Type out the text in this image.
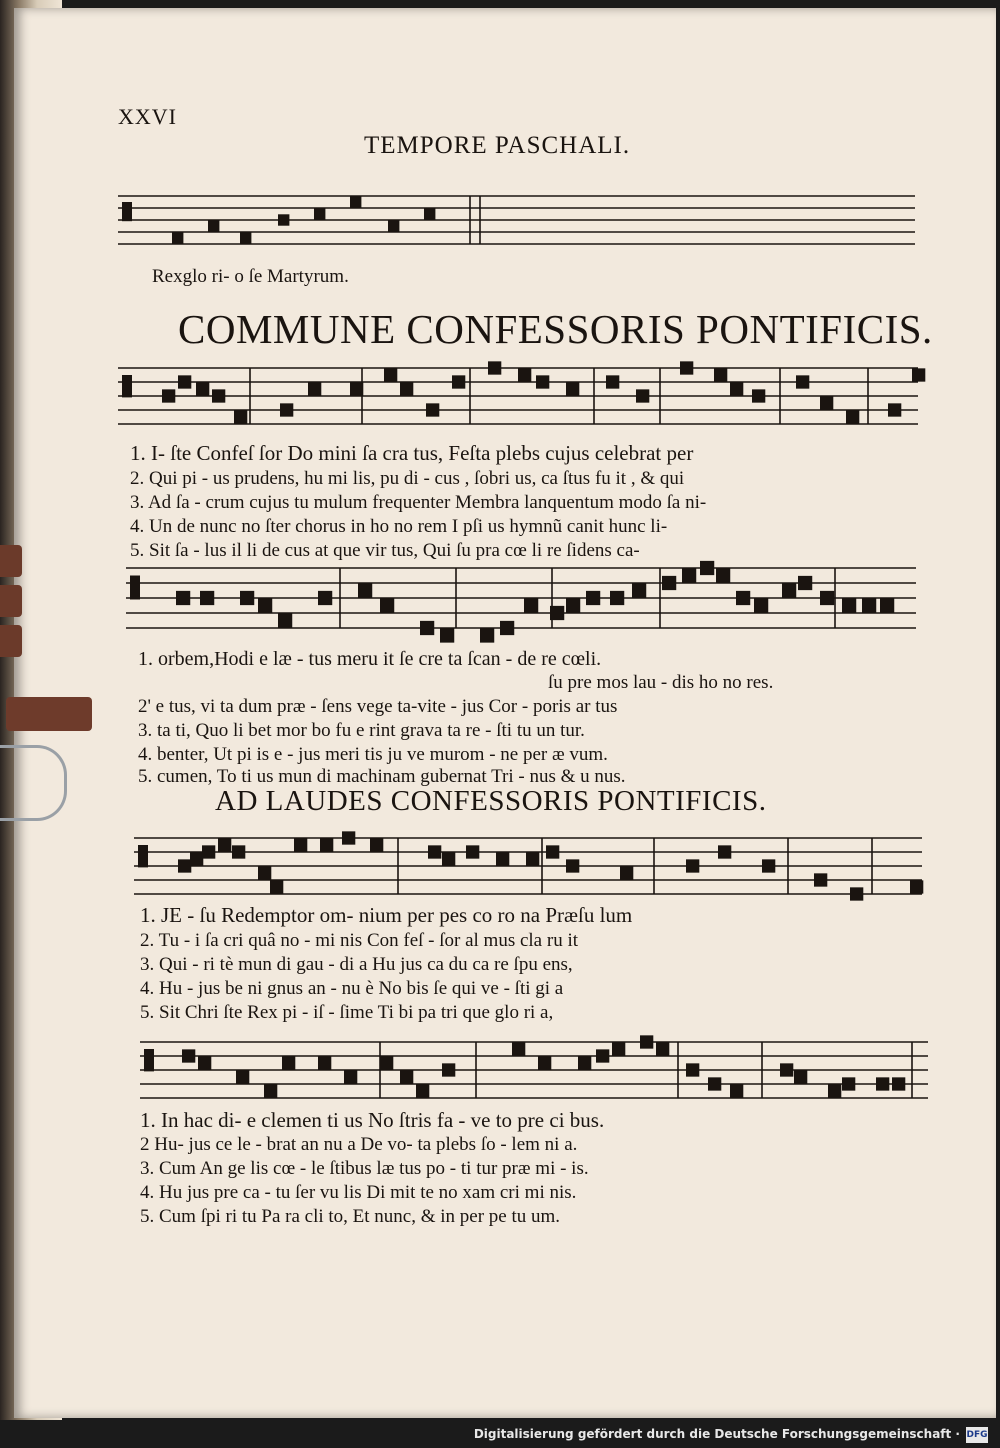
XXVI
TEMPORE PASCHALI.
Rexglo ri- o ſe Martyrum.
COMMUNE CONFESSORIS PONTIFICIS.
1. I- ſte Confeſ ſor Do mini ſa cra tus, Feſta plebs cujus celebrat per
2. Qui pi - us prudens, hu mi lis, pu di - cus , ſobri us, ca ſtus fu it , & qui
3. Ad ſa - crum cujus tu mulum frequenter Membra lanquentum modo ſa ni-
4. Un de nunc no ſter chorus in ho no rem I pſi us hymnũ canit hunc li-
5. Sit ſa - lus il li de cus at que vir tus, Qui ſu pra cœ li re ſidens ca-
1. orbem,Hodi e læ - tus meru it ſe cre ta ſcan - de re cœli.
ſu pre mos lau - dis ho no res.
2' e tus, vi ta dum præ - ſens vege ta-vite - jus Cor - poris ar tus
3. ta ti, Quo li bet mor bo fu e rint grava ta re - ſti tu un tur.
4. benter, Ut pi is e - jus meri tis ju ve murom - ne per æ vum.
5. cumen, To ti us mun di machinam gubernat Tri - nus & u nus.
AD LAUDES CONFESSORIS PONTIFICIS.
1. JE - ſu Redemptor om- nium per pes co ro na Præſu lum
2. Tu - i ſa cri quâ no - mi nis Con feſ - ſor al mus cla ru it
3. Qui - ri tè mun di gau - di a Hu jus ca du ca re ſpu ens,
4. Hu - jus be ni gnus an - nu è No bis ſe qui ve - ſti gi a
5. Sit Chri ſte Rex pi - iſ - ſime Ti bi pa tri que glo ri a,
1. In hac di- e clemen ti us No ſtris fa - ve to pre ci bus.
2 Hu- jus ce le - brat an nu a De vo- ta plebs ſo - lem ni a.
3. Cum An ge lis cœ - le ſtibus læ tus po - ti tur præ mi - is.
4. Hu jus pre ca - tu ſer vu lis Di mit te no xam cri mi nis.
5. Cum ſpi ri tu Pa ra cli to, Et nunc, & in per pe tu um.
Digitalisierung gefördert durch die Deutsche Forschungsgemeinschaft · DFG
